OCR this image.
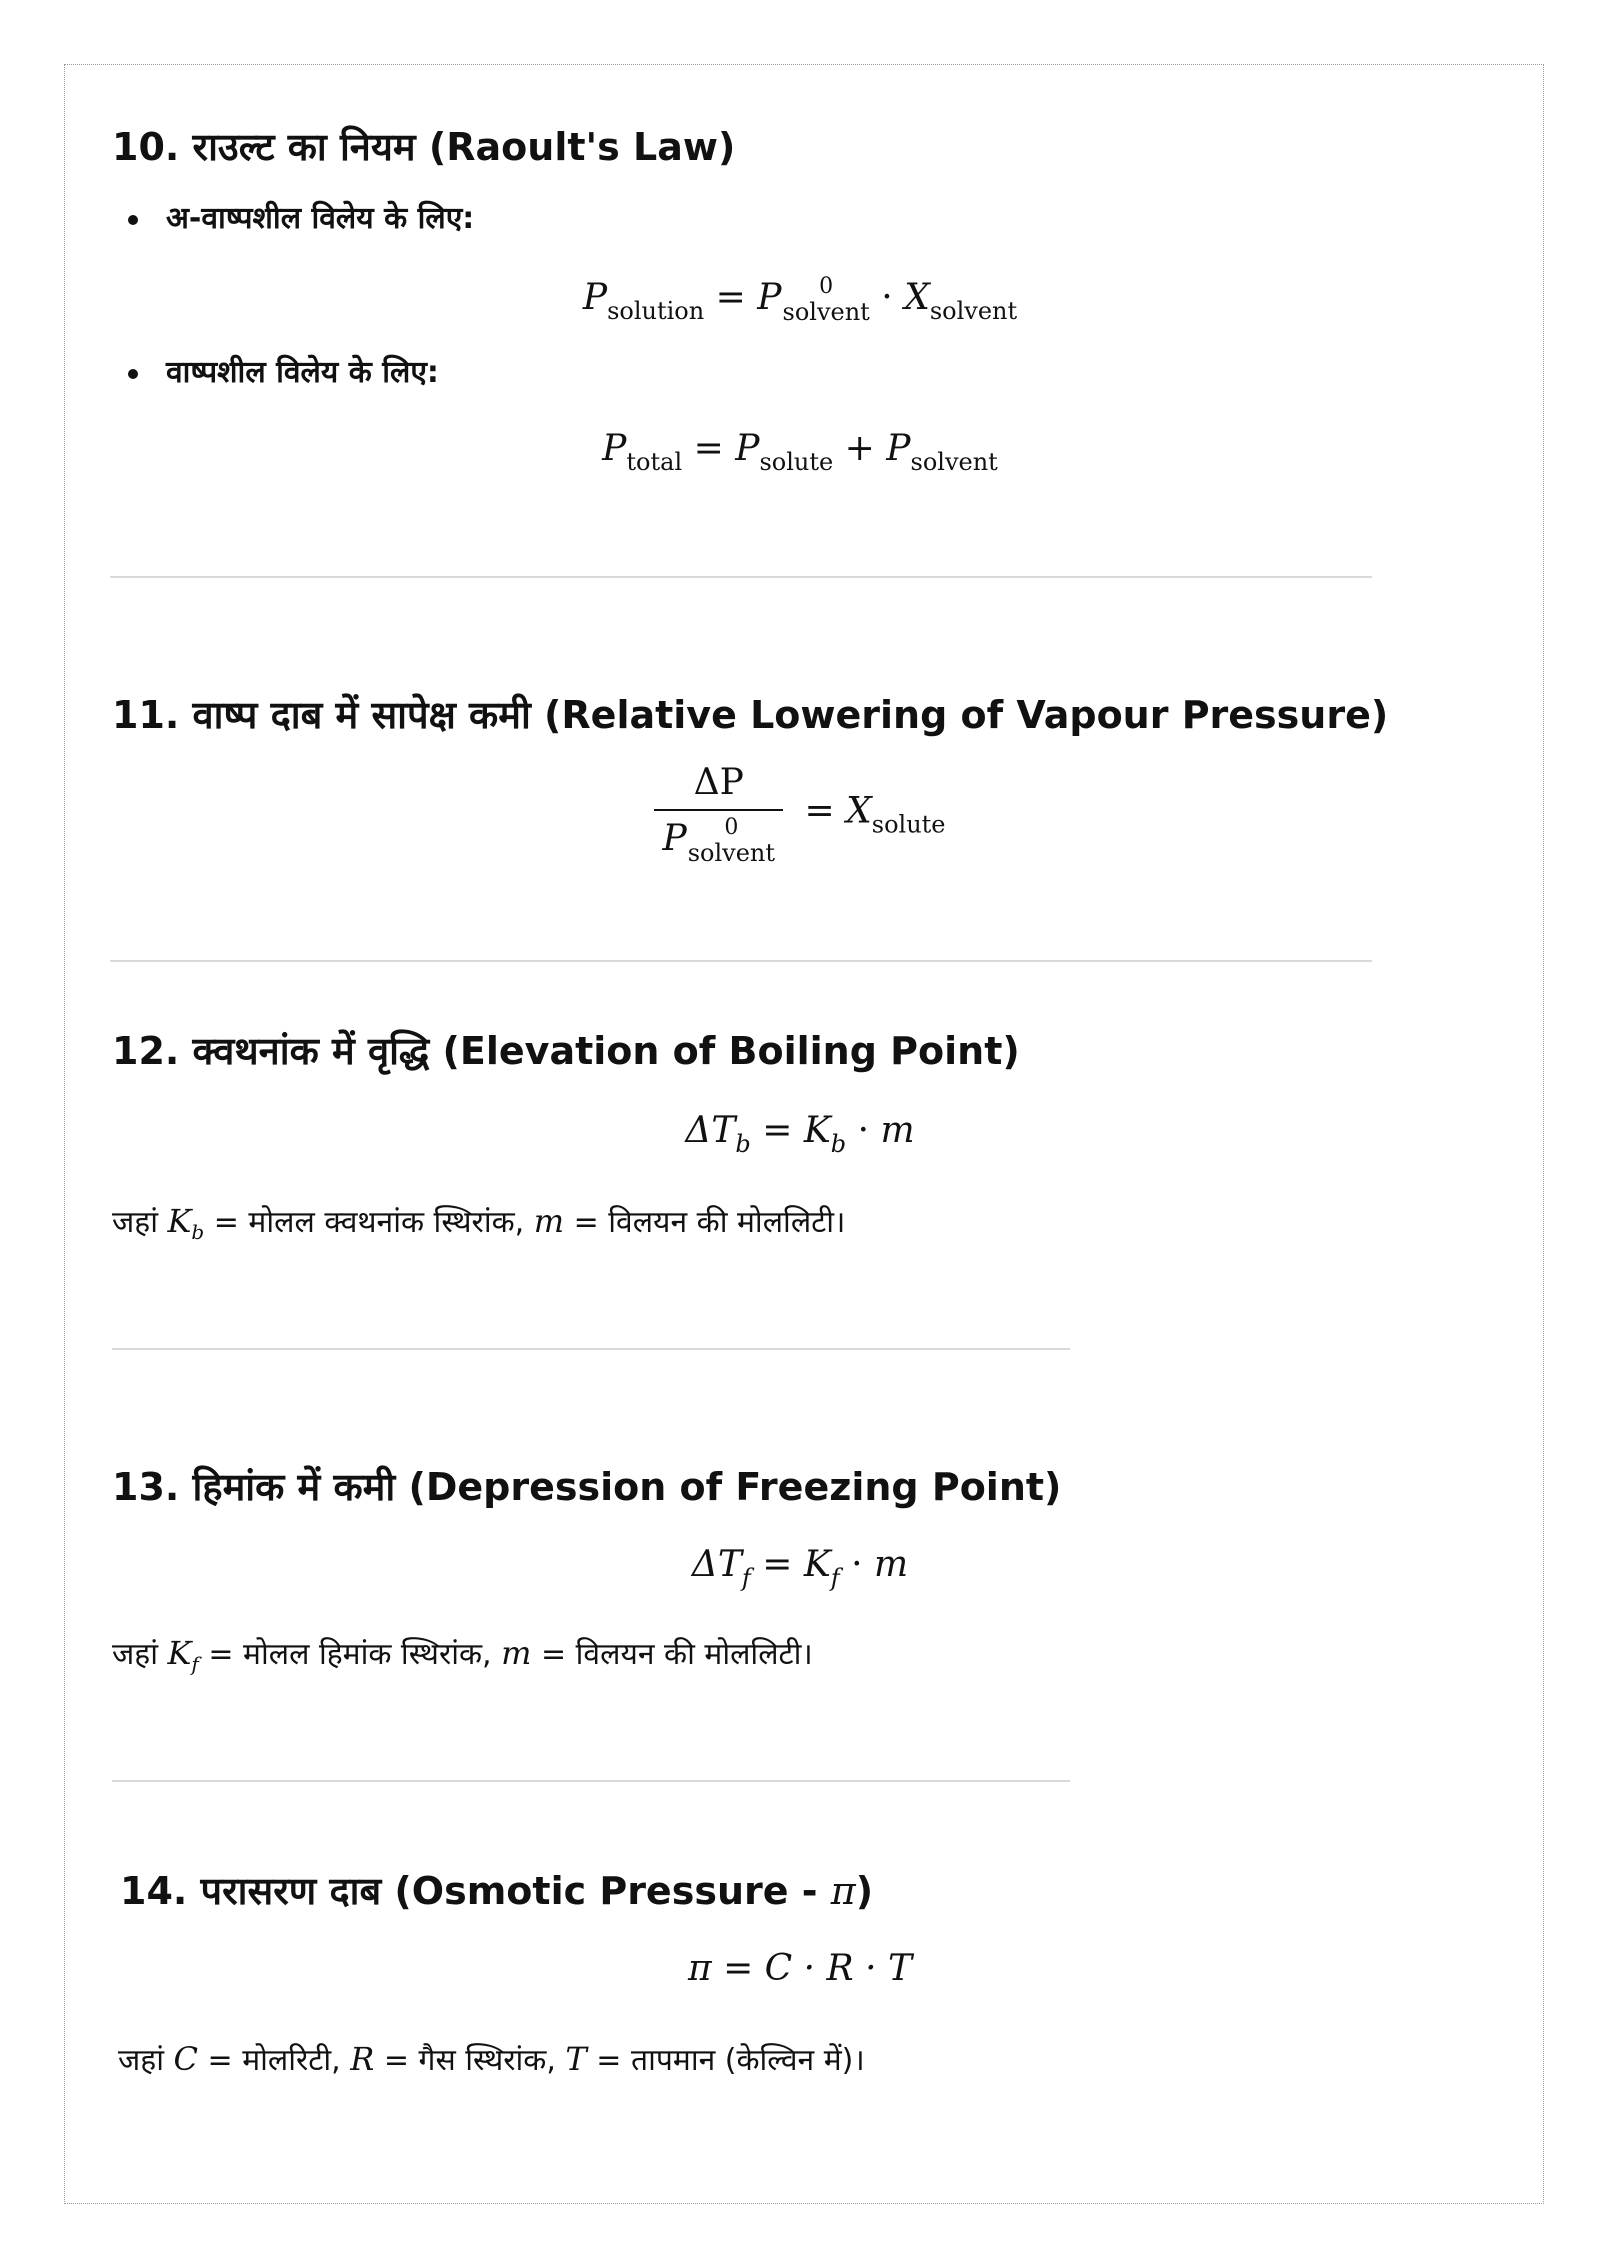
10. राउल्ट का नियम (Raoult's Law)
अ-वाष्पशील विलेय के लिए:
$P_{solution} = P$	0
solvent · $X_{solvent}$
वाष्पशील विलेय के लिए:
$P_{total} = P_{solute} + P_{solvent}$
11. वाष्प दाब में सापेक्ष कमी (Relative Lowering of Vapour Pressure)
ΔP
P	0
solvent = $X_{solute}$
12. क्वथनांक में वृद्धि (Elevation of Boiling Point)
$\Delta T_b = K_b \cdot m$
जहां $K_b$ = मोलल क्वथनांक स्थिरांक, m = विलयन की मोललिटी।
13. हिमांक में कमी (Depression of Freezing Point)
$\Delta T_f = K_f \cdot m$
जहां $K_f$ = मोलल हिमांक स्थिरांक, m = विलयन की मोललिटी।
14. परासरण दाब (Osmotic Pressure - π)
π = C · R · T
जहां C = मोलरिटी, R = गैस स्थिरांक, T = तापमान (केल्विन में)।
